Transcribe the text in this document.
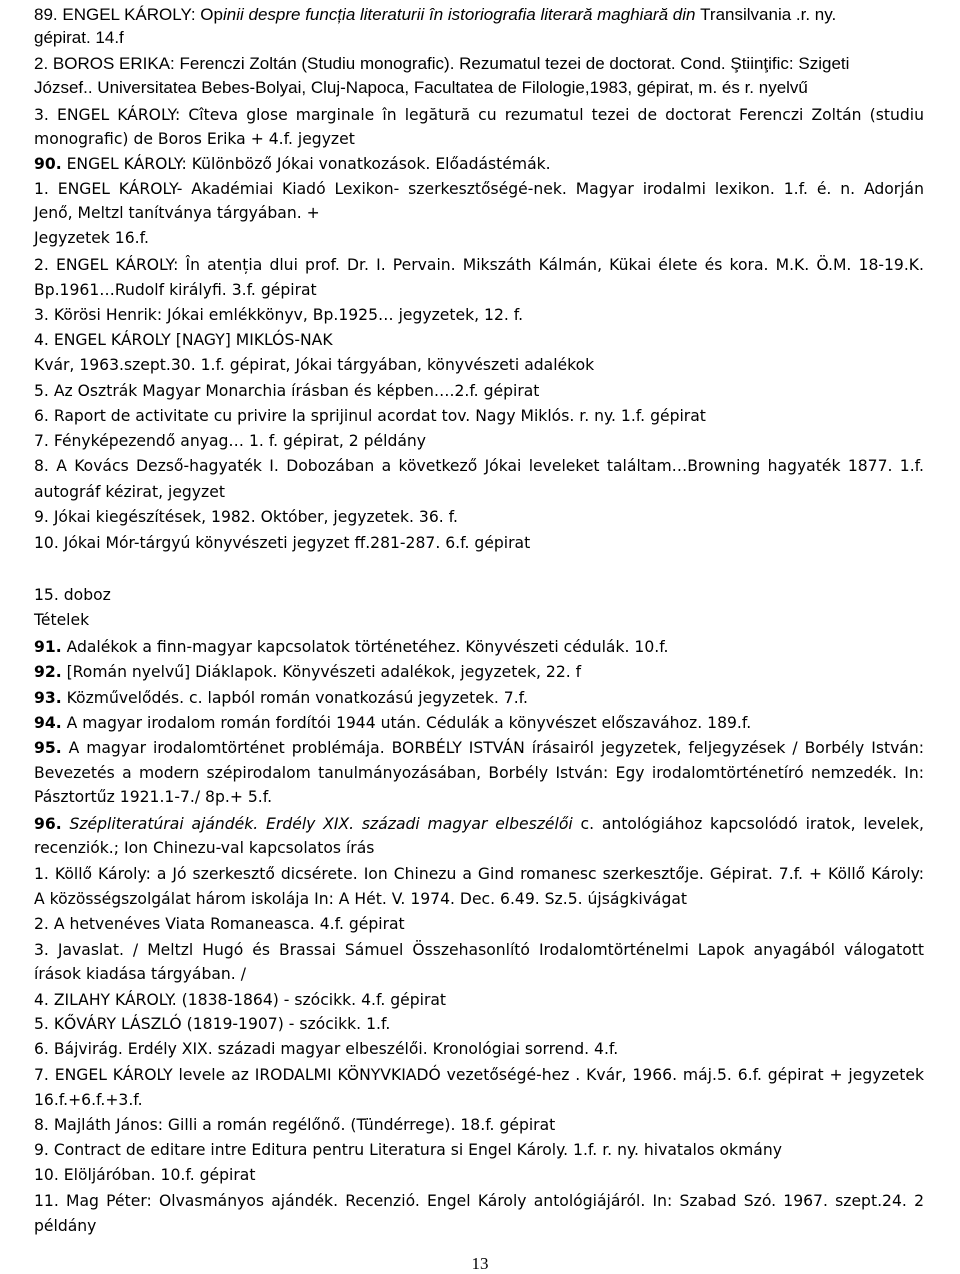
89. ENGEL KÁROLY: Opinii despre funcția literaturii în istoriografia literară maghiară din Transilvania .r. ny.
gépirat. 14.f
2. BOROS ERIKA: Ferenczi Zoltán (Studiu monografic). Rezumatul tezei de doctorat. Cond. Ştiinţific: Szigeti
József.. Universitatea Bebes-Bolyai, Cluj-Napoca, Facultatea de Filologie,1983, gépirat, m. és r. nyelvű
3. ENGEL KÁROLY: Cîteva glose marginale în legătură cu rezumatul tezei de doctorat Ferenczi Zoltán (studiu
monografic) de Boros Erika + 4.f. jegyzet
90. ENGEL KÁROLY: Különböző Jókai vonatkozások. Előadástémák.
1. ENGEL KÁROLY- Akadémiai Kiadó Lexikon- szerkesztőségé-nek. Magyar irodalmi lexikon. 1.f. é. n. Adorján
Jenő, Meltzl tanítványa tárgyában. +
Jegyzetek 16.f.
2. ENGEL KÁROLY: În atenția dlui prof. Dr. I. Pervain. Mikszáth Kálmán, Kükai élete és kora. M.K. Ö.M. 18-19.K.
Bp.1961…Rudolf királyfi. 3.f. gépirat
3. Körösi Henrik: Jókai emlékkönyv, Bp.1925… jegyzetek, 12. f.
4. ENGEL KÁROLY [NAGY] MIKLÓS-NAK
Kvár, 1963.szept.30. 1.f. gépirat, Jókai tárgyában, könyvészeti adalékok
5. Az Osztrák Magyar Monarchia írásban és képben….2.f. gépirat
6. Raport de activitate cu privire la sprijinul acordat tov. Nagy Miklós. r. ny. 1.f. gépirat
7. Fényképezendő anyag… 1. f. gépirat, 2 példány
8. A Kovács Dezső-hagyaték I. Dobozában a következő Jókai leveleket találtam…Browning hagyaték 1877. 1.f.
autográf kézirat, jegyzet
9. Jókai kiegészítések, 1982. Október, jegyzetek. 36. f.
10. Jókai Mór-tárgyú könyvészeti jegyzet ff.281-287. 6.f. gépirat
15. doboz
Tételek
91. Adalékok a finn-magyar kapcsolatok történetéhez. Könyvészeti cédulák. 10.f.
92. [Román nyelvű] Diáklapok. Könyvészeti adalékok, jegyzetek, 22. f
93. Közművelődés. c. lapból román vonatkozású jegyzetek. 7.f.
94. A magyar irodalom román fordítói 1944 után. Cédulák a könyvészet előszavához. 189.f.
95. A magyar irodalomtörténet problémája. BORBÉLY ISTVÁN írásairól jegyzetek, feljegyzések / Borbély István:
Bevezetés a modern szépirodalom tanulmányozásában, Borbély István: Egy irodalomtörténetíró nemzedék. In:
Pásztortűz 1921.1-7./ 8p.+ 5.f.
96. Szépliteratúrai ajándék. Erdély XIX. századi magyar elbeszélői c. antológiához kapcsolódó iratok, levelek,
recenziók.; Ion Chinezu-val kapcsolatos írás
1. Köllő Károly: a Jó szerkesztő dicsérete. Ion Chinezu a Gind romanesc szerkesztője. Gépirat. 7.f. + Köllő Károly:
A közösségszolgálat három iskolája In: A Hét. V. 1974. Dec. 6.49. Sz.5. újságkivágat
2. A hetvenéves Viata Romaneasca. 4.f. gépirat
3. Javaslat. / Meltzl Hugó és Brassai Sámuel Összehasonlító Irodalomtörténelmi Lapok anyagából válogatott
írások kiadása tárgyában. /
4. ZILAHY KÁROLY. (1838-1864) - szócikk. 4.f. gépirat
5. KŐVÁRY LÁSZLÓ (1819-1907) - szócikk. 1.f.
6. Bájvirág. Erdély XIX. századi magyar elbeszélői. Kronológiai sorrend. 4.f.
7. ENGEL KÁROLY levele az IRODALMI KÖNYVKIADÓ vezetőségé-hez . Kvár, 1966. máj.5. 6.f. gépirat + jegyzetek
16.f.+6.f.+3.f.
8. Majláth János: Gilli a román regélőnő. (Tündérrege). 18.f. gépirat
9. Contract de editare intre Editura pentru Literatura si Engel Károly. 1.f. r. ny. hivatalos okmány
10. Elöljáróban. 10.f. gépirat
11. Mag Péter: Olvasmányos ajándék. Recenzió. Engel Károly antológiájáról. In: Szabad Szó. 1967. szept.24. 2
példány
13
